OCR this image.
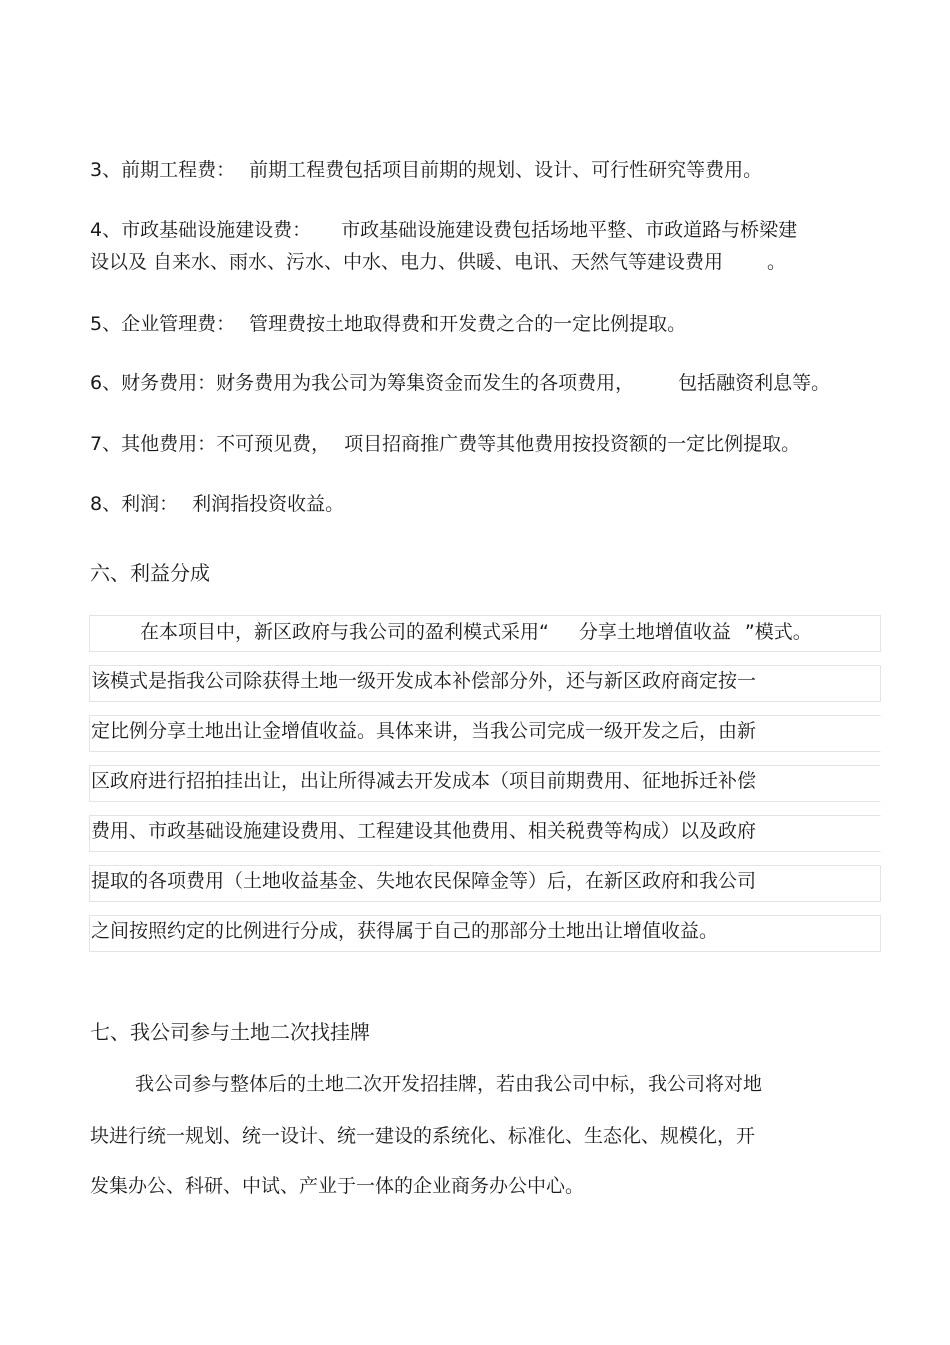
3、前期工程费： 前期工程费包括项目前期的规划、设计、可行性研究等费用。
4、市政基础设施建设费： 市政基础设施建设费包括场地平整、市政道路与桥梁建
设以及 自来水、雨水、污水、中水、电力、供暖、电讯、天然气等建设费用 。
5、企业管理费： 管理费按土地取得费和开发费之合的一定比例提取。
6、财务费用：财务费用为我公司为筹集资金而发生的各项费用， 包括融资利息等。
7、其他费用：不可预见费， 项目招商推广费等其他费用按投资额的一定比例提取。
8、利润： 利润指投资收益。
六、利益分成
在本项目中，新区政府与我公司的盈利模式采用“ 分享土地增值收益 ”模式。
该模式是指我公司除获得土地一级开发成本补偿部分外，还与新区政府商定按一
定比例分享土地出让金增值收益。具体来讲，当我公司完成一级开发之后，由新
区政府进行招拍挂出让，出让所得减去开发成本（项目前期费用、征地拆迁补偿
费用、市政基础设施建设费用、工程建设其他费用、相关税费等构成）以及政府
提取的各项费用（土地收益基金、失地农民保障金等）后，在新区政府和我公司
之间按照约定的比例进行分成，获得属于自己的那部分土地出让增值收益。
七、我公司参与土地二次找挂牌
我公司参与整体后的土地二次开发招挂牌，若由我公司中标，我公司将对地
块进行统一规划、统一设计、统一建设的系统化、标准化、生态化、规模化，开
发集办公、科研、中试、产业于一体的企业商务办公中心。
